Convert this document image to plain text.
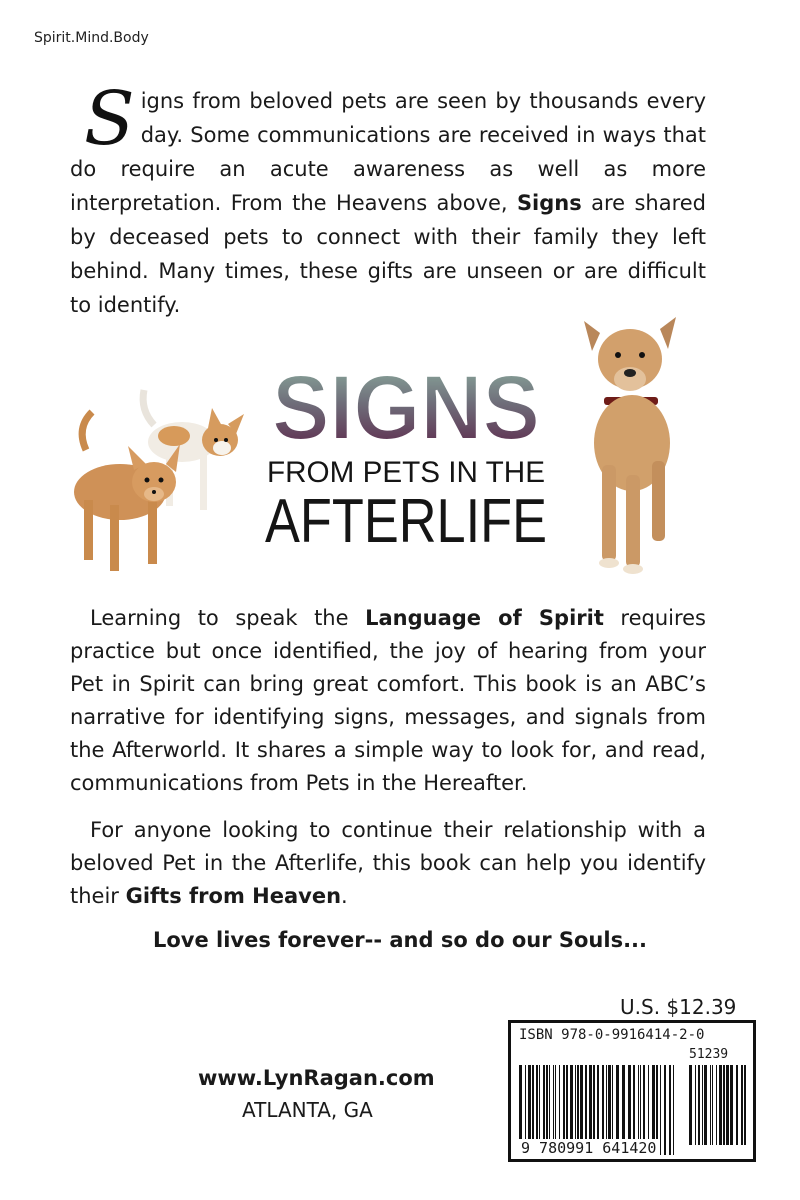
Spirit.Mind.Body
Signs from beloved pets are seen by thousands every day. Some communications are received in ways that do require an acute awareness as well as more interpretation. From the Heavens above, Signs are shared by deceased pets to connect with their family they left behind. Many times, these gifts are unseen or are difficult to identify.
SIGNS
FROM PETS IN THE
AFTERLIFE

Learning to speak the Language of Spirit requires practice but once identified, the joy of hearing from your Pet in Spirit can bring great comfort. This book is an ABC’s narrative for identifying signs, messages, and signals from the Afterworld. It shares a simple way to look for, and read, communications from Pets in the Hereafter.

For anyone looking to continue their relationship with a beloved Pet in the Afterlife, this book can help you identify their Gifts from Heaven.

Love lives forever-- and so do our Souls...
U.S. $12.39
www.LynRagan.com
ATLANTA, GA
ISBN 978-0-9916414-2-0
51239
9 780991 641420
